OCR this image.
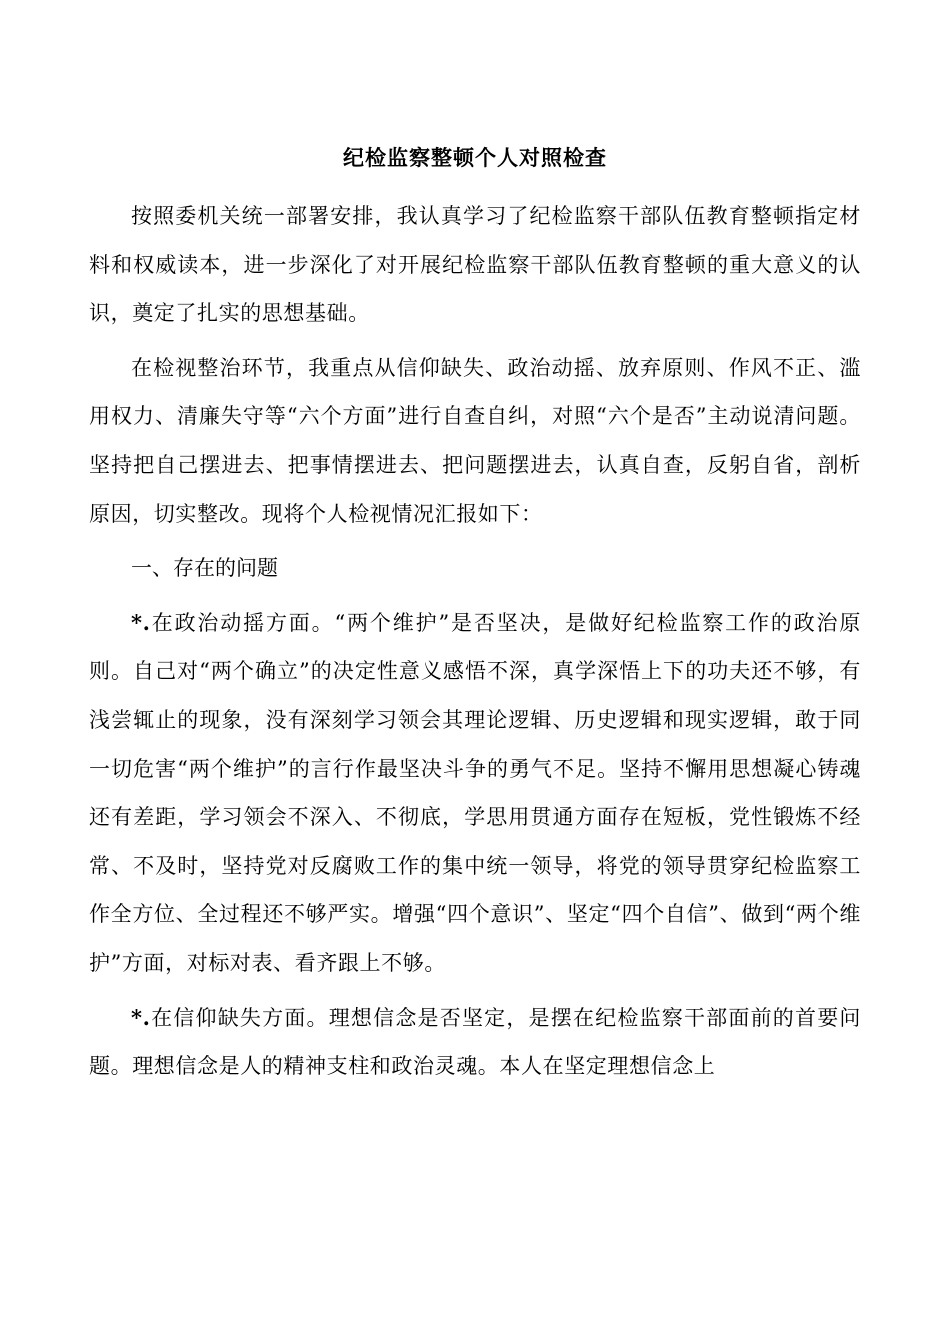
纪检监察整顿个人对照检查

按照委机关统一部署安排，我认真学习了纪检监察干部队伍教育整顿指定材料和权威读本，进一步深化了对开展纪检监察干部队伍教育整顿的重大意义的认识，奠定了扎实的思想基础。

在检视整治环节，我重点从信仰缺失、政治动摇、放弃原则、作风不正、滥用权力、清廉失守等“六个方面”进行自查自纠，对照“六个是否”主动说清问题。坚持把自己摆进去、把事情摆进去、把问题摆进去，认真自查，反躬自省，剖析原因，切实整改。现将个人检视情况汇报如下：

一、存在的问题

*.在政治动摇方面。“两个维护”是否坚决，是做好纪检监察工作的政治原则。自己对“两个确立”的决定性意义感悟不深，真学深悟上下的功夫还不够，有浅尝辄止的现象，没有深刻学习领会其理论逻辑、历史逻辑和现实逻辑，敢于同一切危害“两个维护”的言行作最坚决斗争的勇气不足。坚持不懈用思想凝心铸魂还有差距，学习领会不深入、不彻底，学思用贯通方面存在短板，党性锻炼不经常、不及时，坚持党对反腐败工作的集中统一领导，将党的领导贯穿纪检监察工作全方位、全过程还不够严实。增强“四个意识”、坚定“四个自信”、做到“两个维护”方面，对标对表、看齐跟上不够。

*.在信仰缺失方面。理想信念是否坚定，是摆在纪检监察干部面前的首要问题。理想信念是人的精神支柱和政治灵魂。本人在坚定理想信念上
